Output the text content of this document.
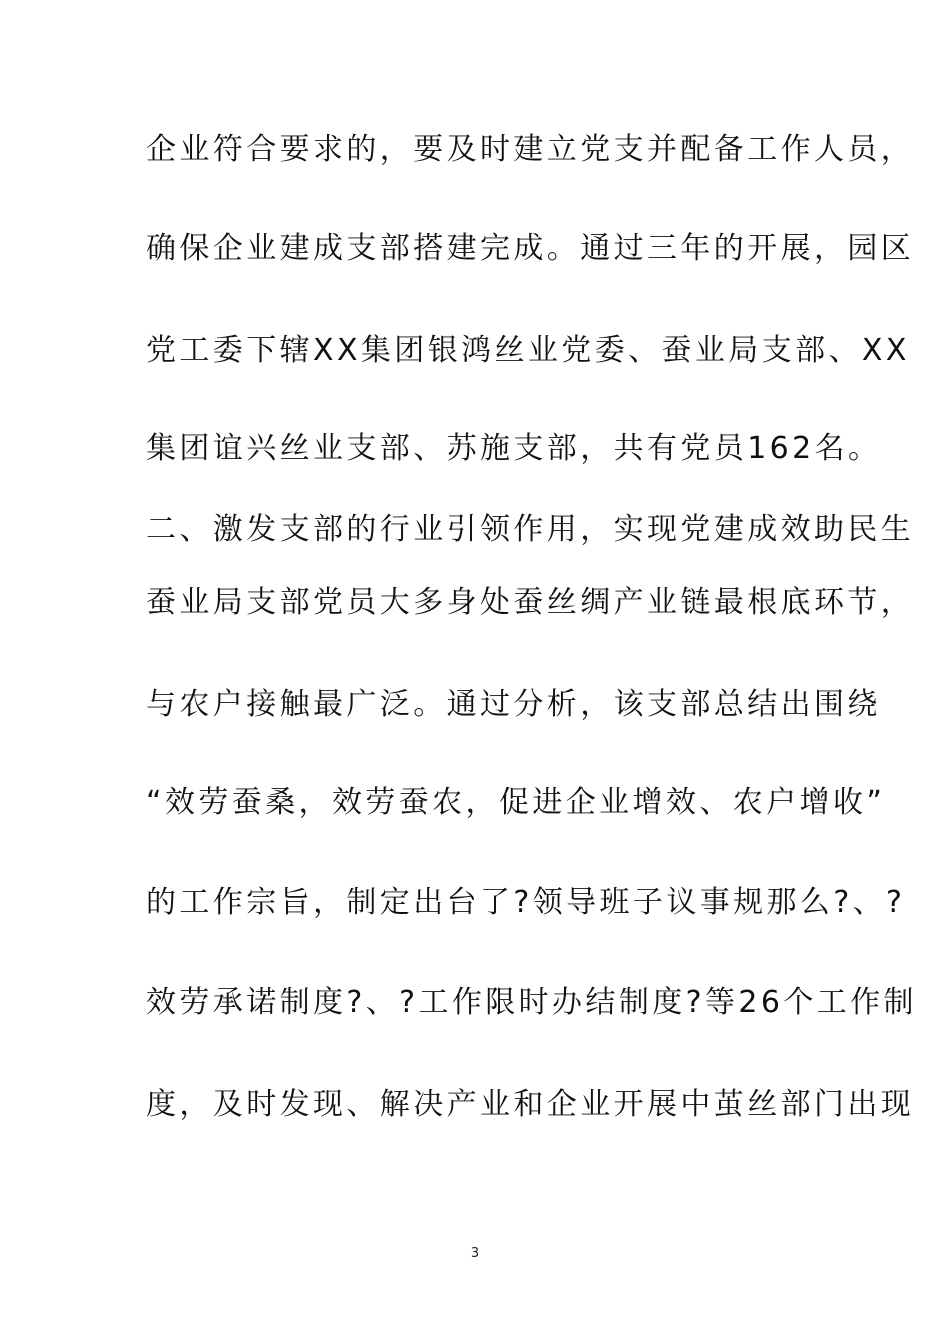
企业符合要求的，要及时建立党支并配备工作人员，
确保企业建成支部搭建完成。通过三年的开展，园区
党工委下辖XX集团银鸿丝业党委、蚕业局支部、XX
集团谊兴丝业支部、苏施支部，共有党员162名。
二、激发支部的行业引领作用，实现党建成效助民生
蚕业局支部党员大多身处蚕丝绸产业链最根底环节，
与农户接触最广泛。通过分析，该支部总结出围绕
“效劳蚕桑，效劳蚕农，促进企业增效、农户增收”
的工作宗旨，制定出台了?领导班子议事规那么?、?
效劳承诺制度?、?工作限时办结制度?等26个工作制
度，及时发现、解决产业和企业开展中茧丝部门出现
3
